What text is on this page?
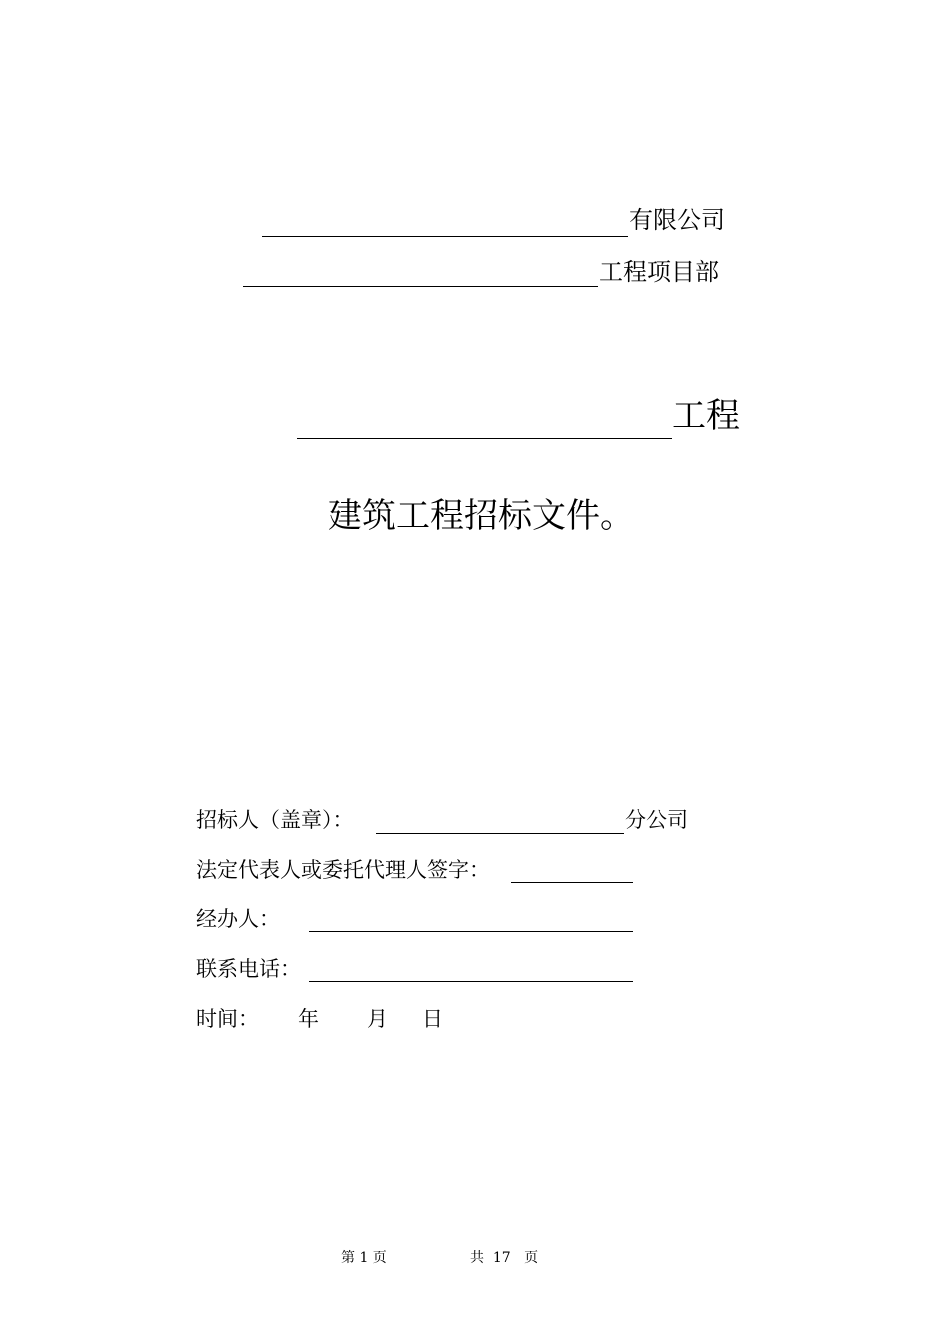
有限公司
工程项目部
工程
建筑工程招标文件。
招标人（盖章）：	分公司
法定代表人或委托代理人签字：
经办人：
联系电话：
时间： 年 月 日
第 1 页	共  17   页
